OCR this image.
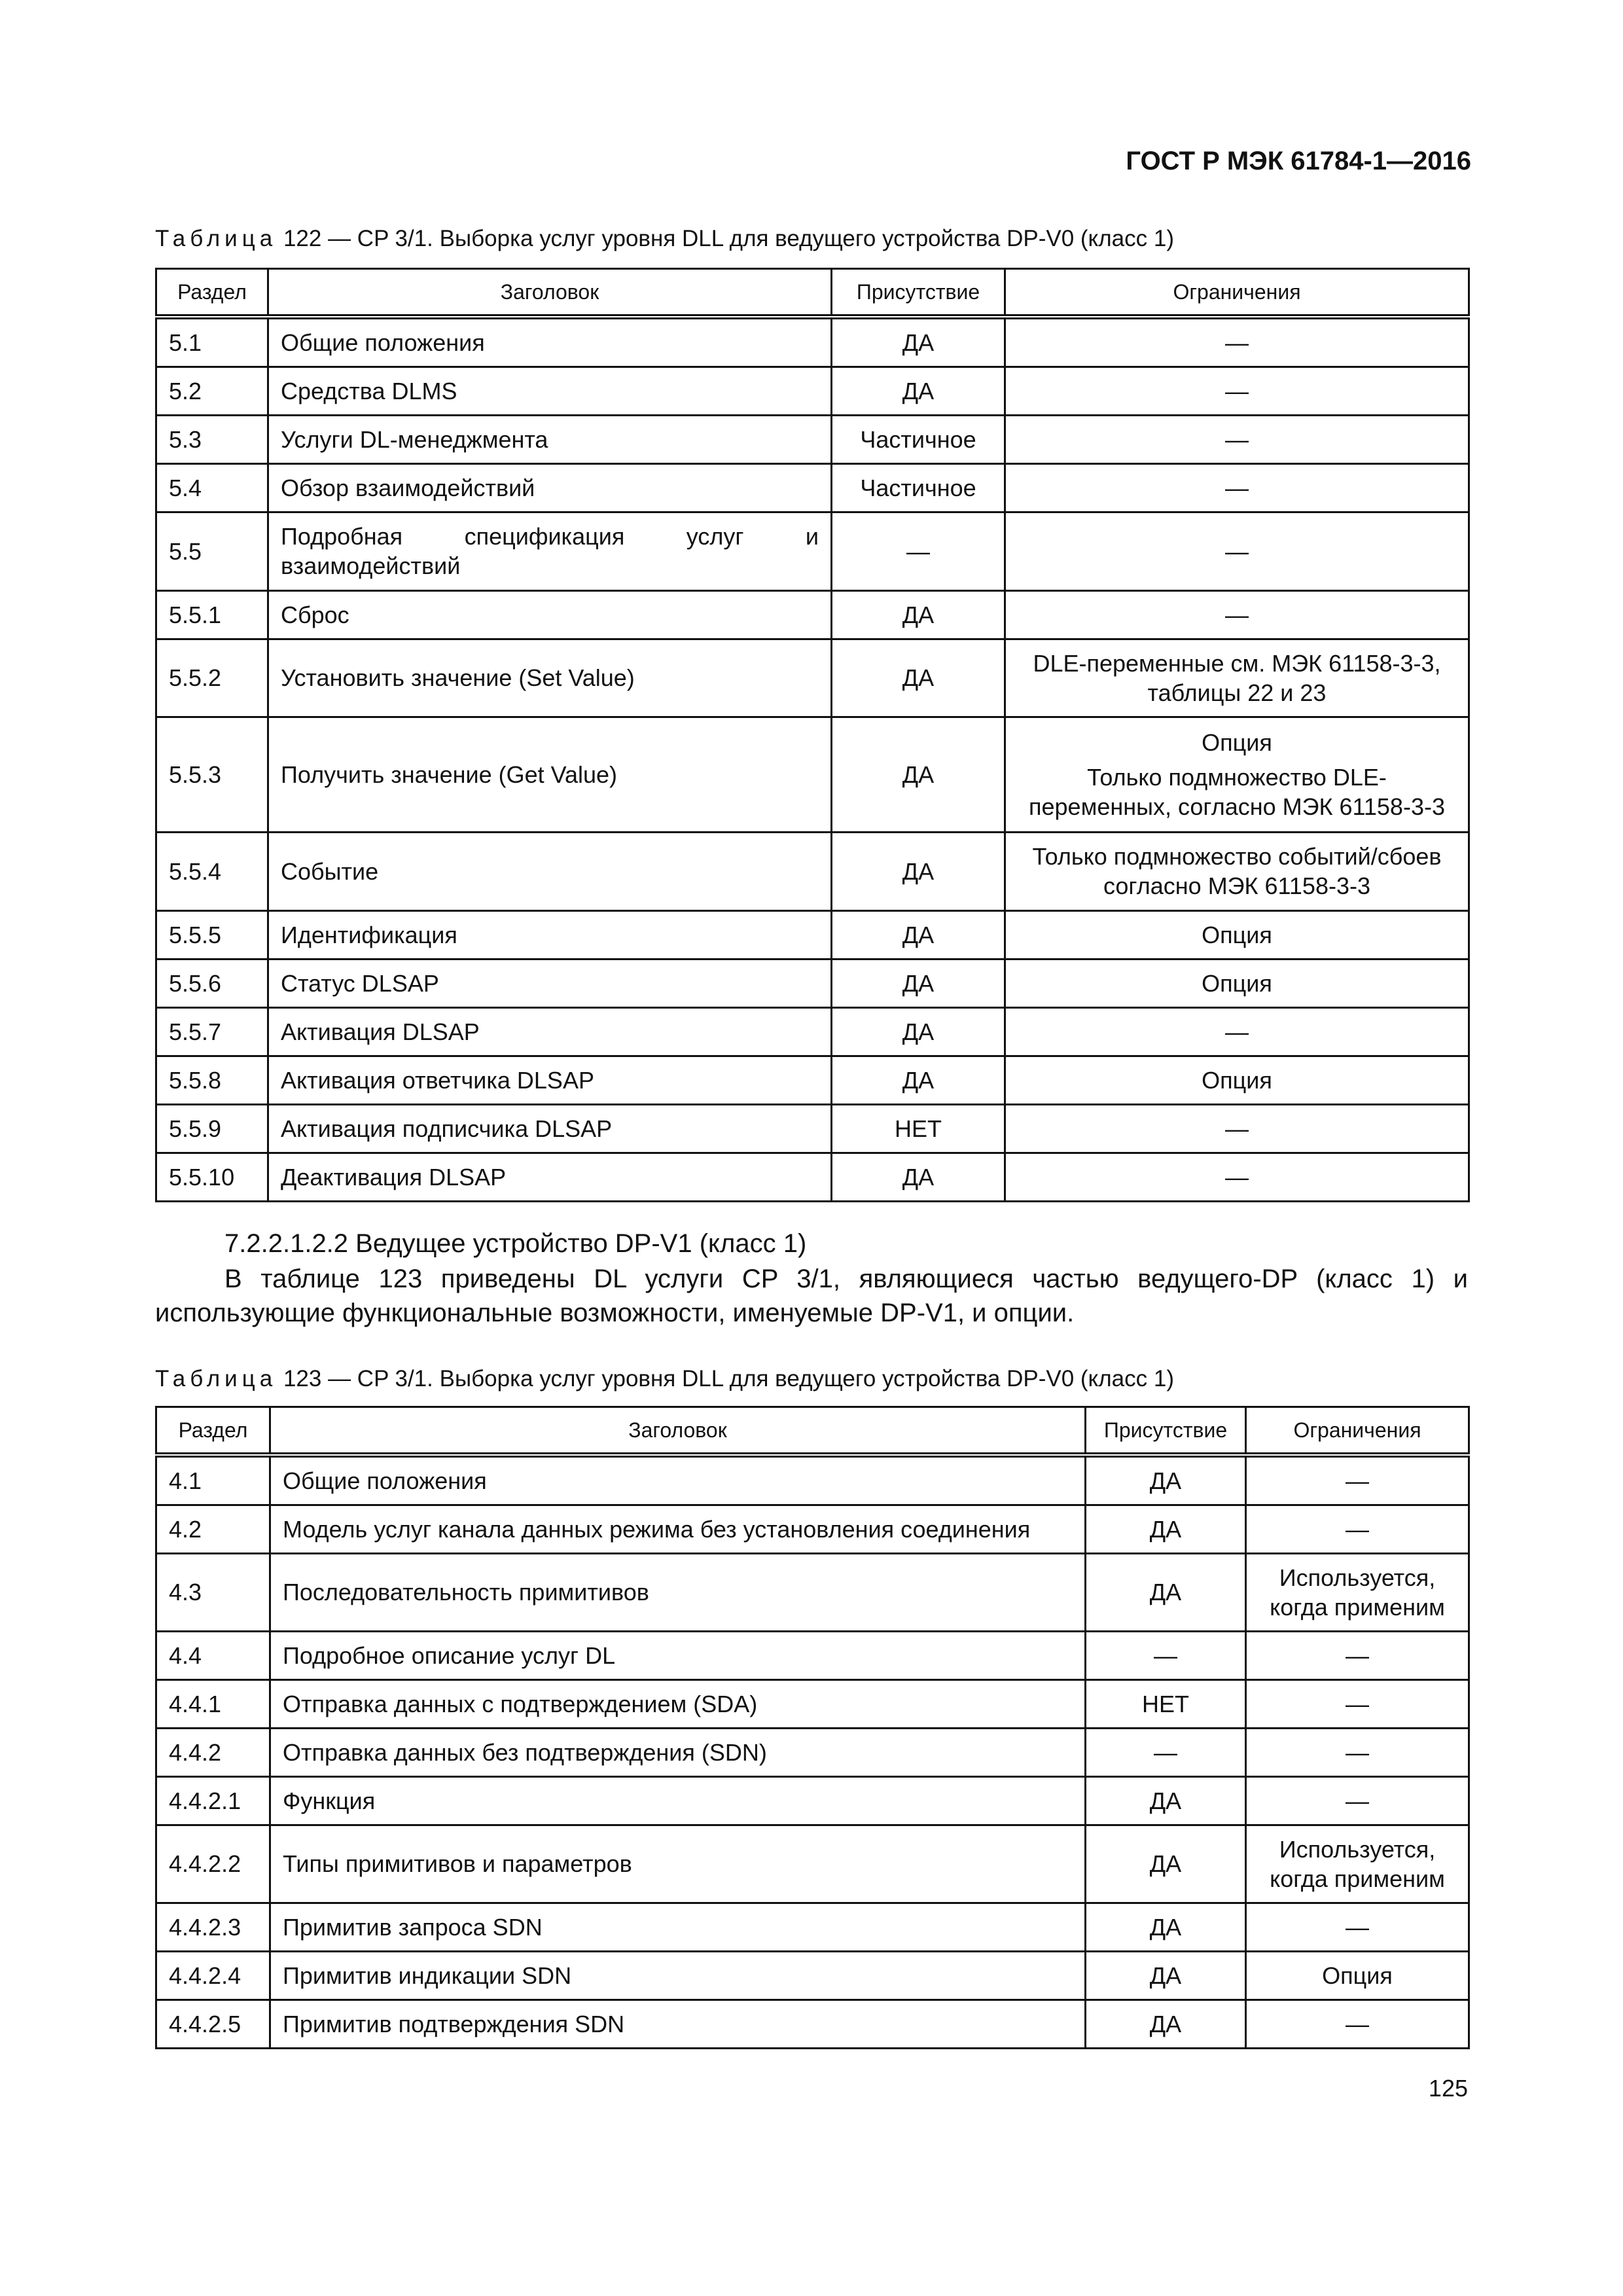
ГОСТ Р МЭК 61784-1—2016
Таблица 122 — CP 3/1. Выборка услуг уровня DLL для ведущего устройства DP-V0 (класс 1)
Раздел	Заголовок	Присутствие	Ограничения
5.1	Общие положения	ДА	—

5.2	Средства DLMS	ДА	—

5.3	Услуги DL-менеджмента	Частичное	—

5.4	Обзор взаимодействий	Частичное	—

5.5	Подробная спецификация услуг и взаимодействий	—	—

5.5.1	Сброс	ДА	—

5.5.2	Установить значение (Set Value)	ДА	DLE-переменные см. МЭК 61158-3-3, таблицы 22 и 23

5.5.3	Получить значение (Get Value)	ДА	Опция
Только подмножество DLE-переменных, согласно МЭК 61158-3-3

5.5.4	Событие	ДА	Только подмножество событий/сбоев согласно МЭК 61158-3-3

5.5.5	Идентификация	ДА	Опция

5.5.6	Статус DLSAP	ДА	Опция

5.5.7	Активация DLSAP	ДА	—

5.5.8	Активация ответчика DLSAP	ДА	Опция

5.5.9	Активация подписчика DLSAP	НЕТ	—

5.5.10	Деактивация DLSAP	ДА	—
7.2.2.1.2.2 Ведущее устройство DP-V1 (класс 1)
В таблице 123 приведены DL услуги CP 3/1, являющиеся частью ведущего-DP (класс 1) и использующие функциональные возможности, именуемые DP-V1, и опции.
Таблица 123 — CP 3/1. Выборка услуг уровня DLL для ведущего устройства DP-V0 (класс 1)
Раздел	Заголовок	Присутствие	Ограничения
4.1	Общие положения	ДА	—
4.2	Модель услуг канала данных режима без установления соединения	ДА	—
4.3	Последовательность примитивов	ДА	Используется, когда применим
4.4	Подробное описание услуг DL	—	—
4.4.1	Отправка данных с подтверждением (SDA)	НЕТ	—
4.4.2	Отправка данных без подтверждения (SDN)	—	—
4.4.2.1	Функция	ДА	—
4.4.2.2	Типы примитивов и параметров	ДА	Используется, когда применим
4.4.2.3	Примитив запроса SDN	ДА	—
4.4.2.4	Примитив индикации SDN	ДА	Опция
4.4.2.5	Примитив подтверждения SDN	ДА	—
125
